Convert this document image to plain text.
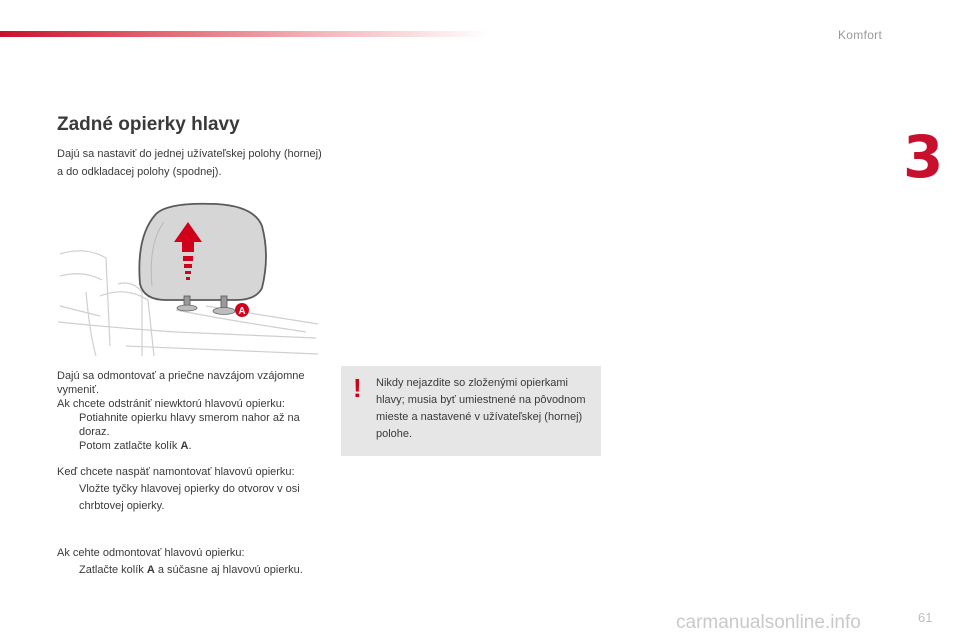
Komfort
3
Zadné opierky hlavy

Dajú sa nastaviť do jednej užívateľskej polohy (hornej) a do odkladacej polohy (spodnej).

A

Dajú sa odmontovať a priečne navzájom vzájomne vymeniť.

Ak chcete odstrániť niewktorú hlavovú opierku:

Potiahnite opierku hlavy smerom nahor až na doraz.
Potom zatlačte kolík A.

Keď chcete naspäť namontovať hlavovú opierku:

Vložte tyčky hlavovej opierky do otvorov v osi chrbtovej opierky.

Ak cehte odmontovať hlavovú opierku:

Zatlačte kolík A a súčasne aj hlavovú opierku.
! Nikdy nejazdite so zloženými opierkami hlavy; musia byť umiestnené na pôvodnom mieste a nastavené v užívateľskej (hornej) polohe.
carmanualsonline.info	61
